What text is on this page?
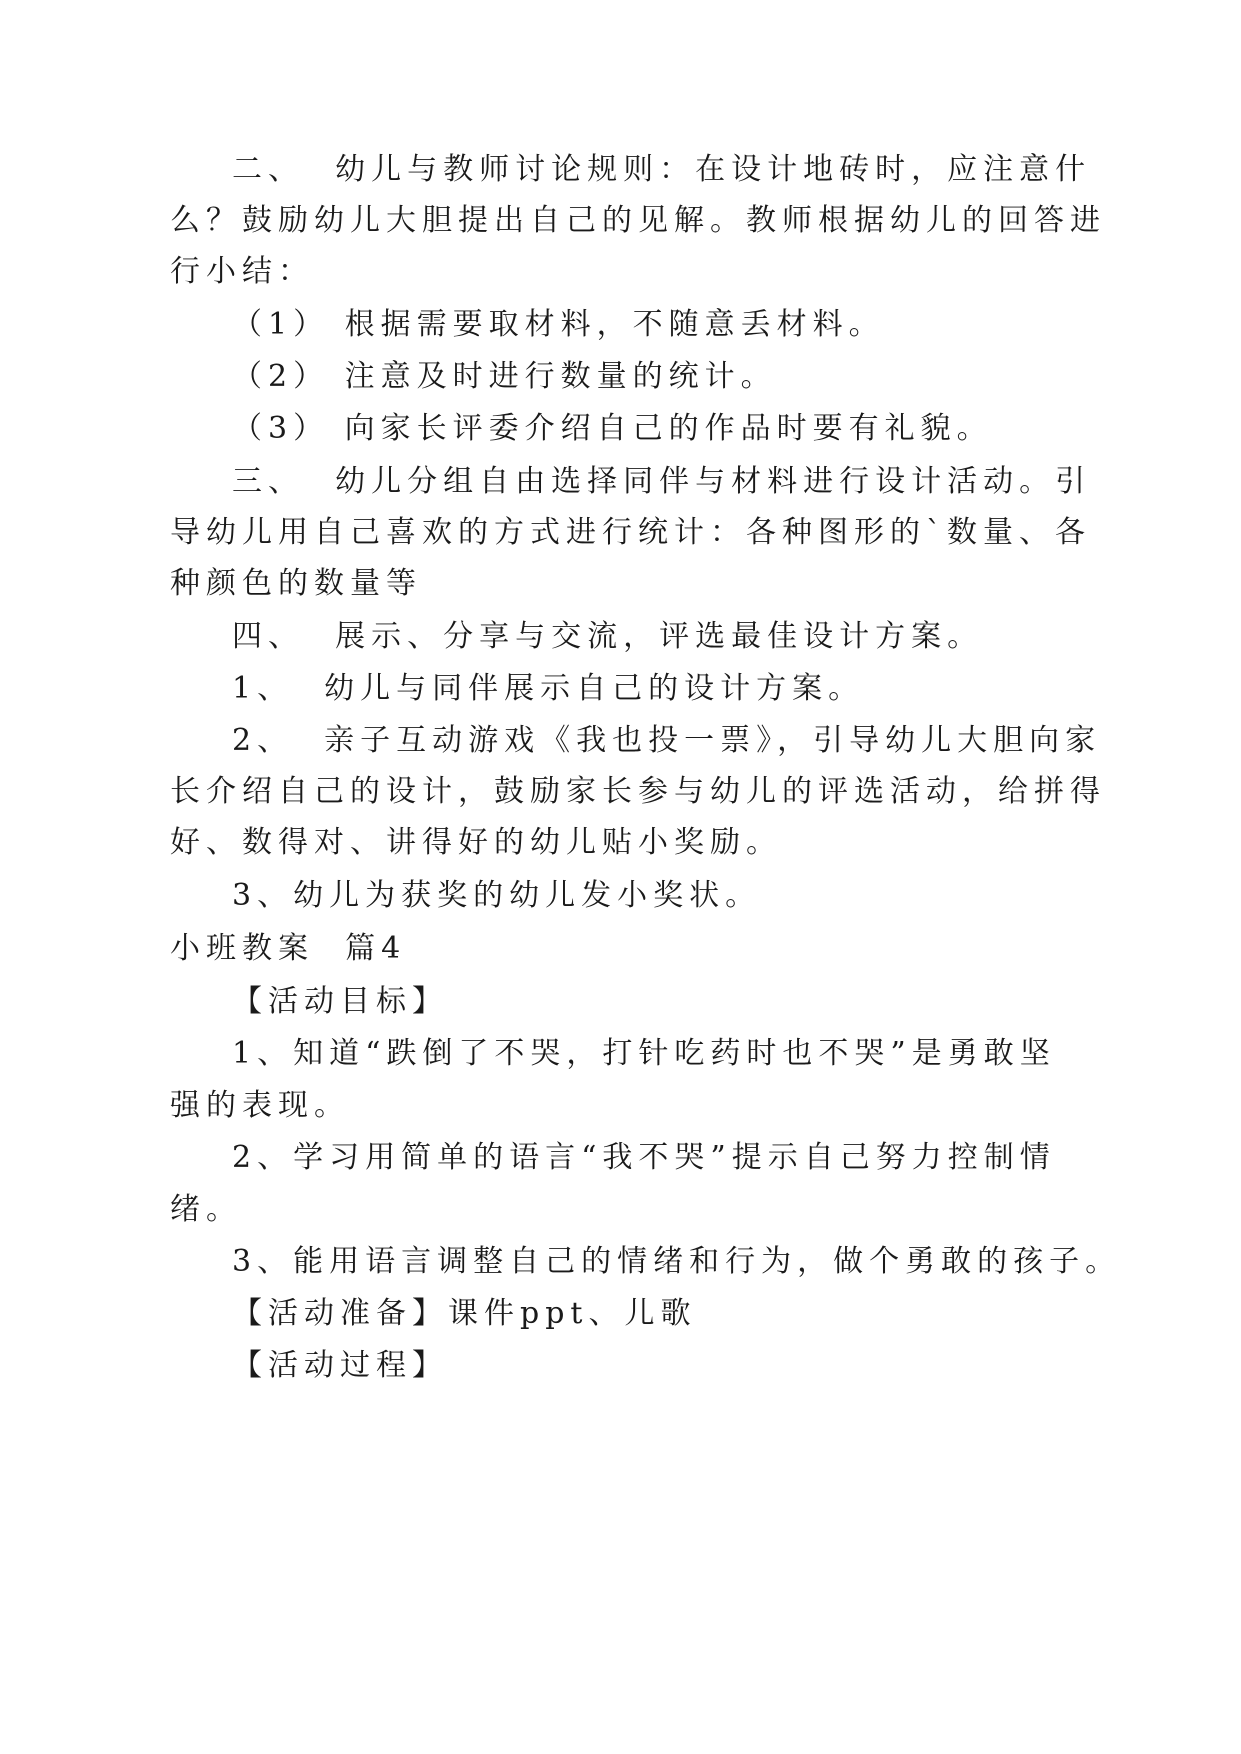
二、  幼儿与教师讨论规则：在设计地砖时，应注意什
么？鼓励幼儿大胆提出自己的见解。教师根据幼儿的回答进
行小结：
（1） 根据需要取材料，不随意丢材料。
（2） 注意及时进行数量的统计。
（3） 向家长评委介绍自己的作品时要有礼貌。
三、  幼儿分组自由选择同伴与材料进行设计活动。引
导幼儿用自己喜欢的方式进行统计：各种图形的`数量、各
种颜色的数量等
四、  展示、分享与交流，评选最佳设计方案。
1、  幼儿与同伴展示自己的设计方案。
2、  亲子互动游戏《我也投一票》，引导幼儿大胆向家
长介绍自己的设计，鼓励家长参与幼儿的评选活动，给拼得
好、数得对、讲得好的幼儿贴小奖励。
3、幼儿为获奖的幼儿发小奖状。
小班教案  篇4
【活动目标】
1、知道“跌倒了不哭，打针吃药时也不哭”是勇敢坚
强的表现。
2、学习用简单的语言“我不哭”提示自己努力控制情
绪。
3、能用语言调整自己的情绪和行为，做个勇敢的孩子。
【活动准备】课件ppt、儿歌
【活动过程】
